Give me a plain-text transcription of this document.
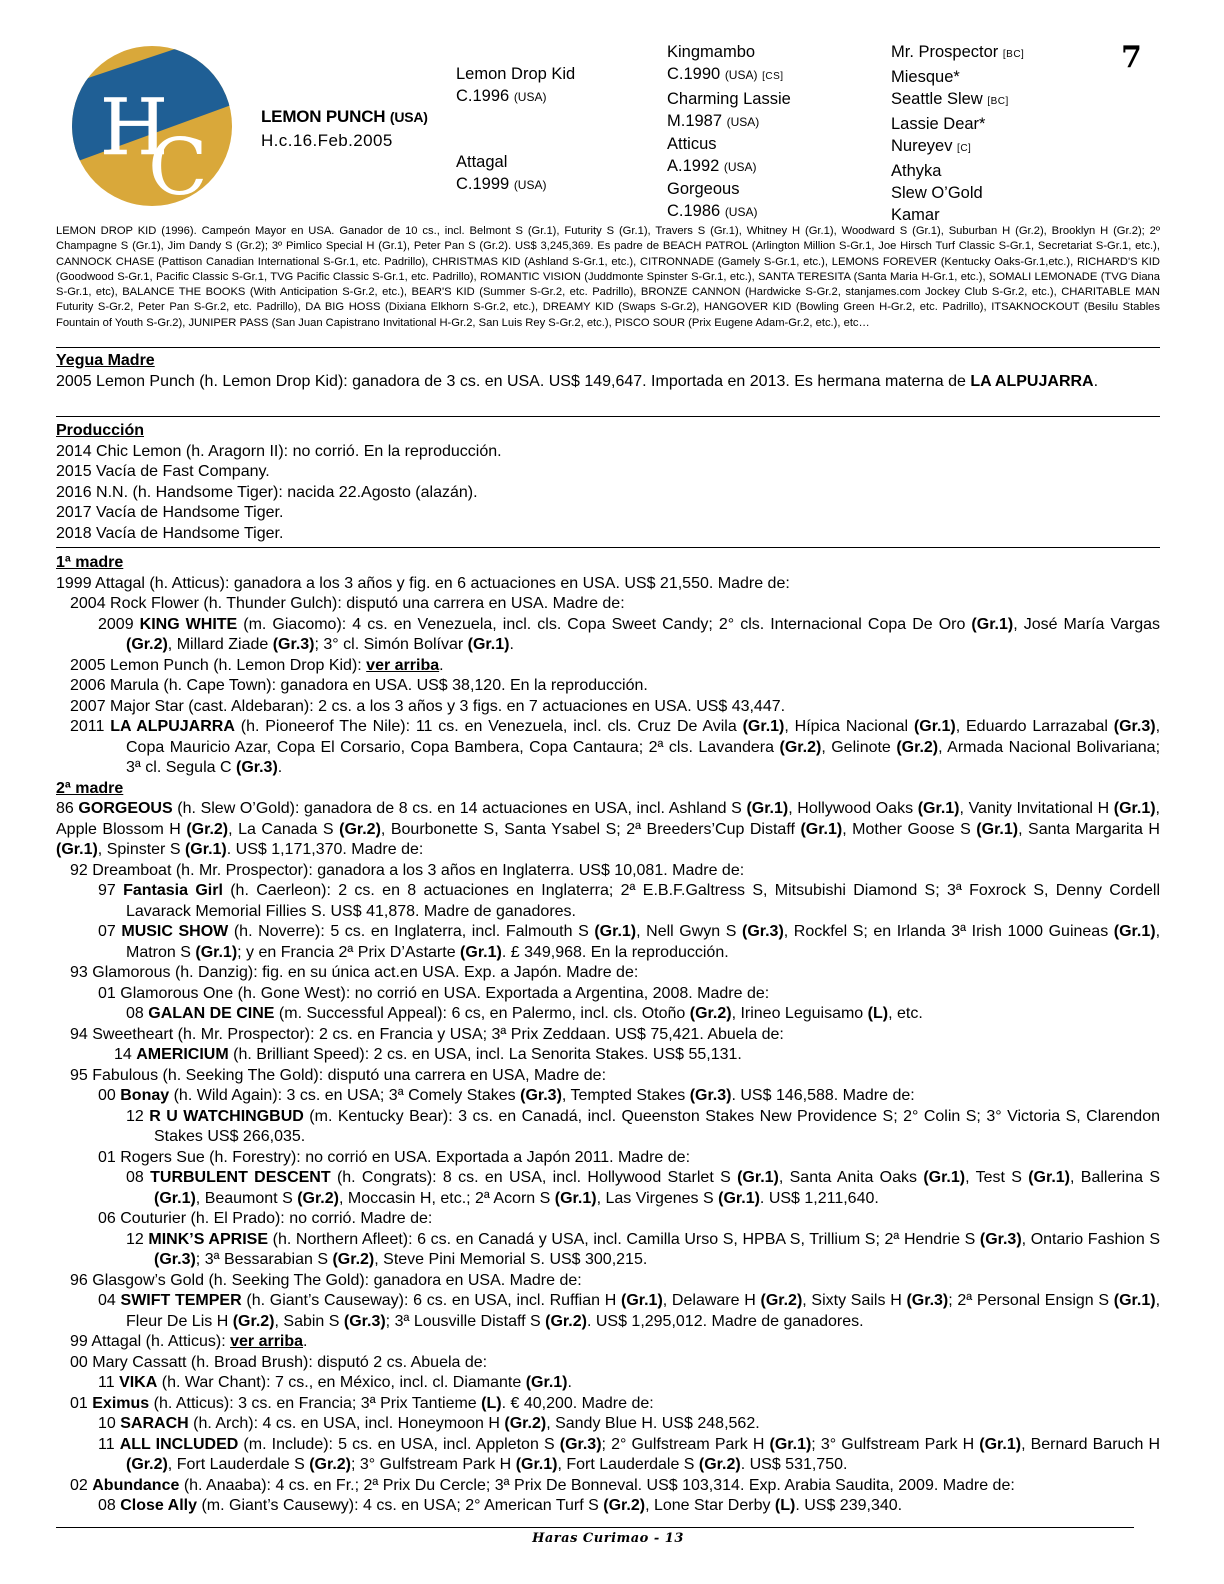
H
C
LEMON PUNCH (USA)
H.c.16.Feb.2005
7
Lemon Drop Kid
C.1996 (USA)
Attagal
C.1999 (USA)
Kingmambo
C.1990 (USA) [CS]
Charming Lassie
M.1987 (USA)
Atticus
A.1992 (USA)
Gorgeous
C.1986 (USA)
Mr. Prospector [BC]
Miesque*
Seattle Slew [BC]
Lassie Dear*
Nureyev [C]
Athyka
Slew O’Gold
Kamar

LEMON DROP KID (1996). Campeón Mayor en USA. Ganador de 10 cs., incl. Belmont S (Gr.1), Futurity S (Gr.1), Travers S (Gr.1), Whitney H (Gr.1), Woodward S (Gr.1), Suburban H (Gr.2), Brooklyn H (Gr.2); 2º Champagne S (Gr.1), Jim Dandy S (Gr.2); 3º Pimlico Special H (Gr.1), Peter Pan S (Gr.2). US$ 3,245,369. Es padre de BEACH PATROL (Arlington Million S-Gr.1, Joe Hirsch Turf Classic S-Gr.1, Secretariat S-Gr.1, etc.), CANNOCK CHASE (Pattison Canadian International S-Gr.1, etc. Padrillo), CHRISTMAS KID (Ashland S-Gr.1, etc.), CITRONNADE (Gamely S-Gr.1, etc.), LEMONS FOREVER (Kentucky Oaks-Gr.1,etc.), RICHARD'S KID (Goodwood S-Gr.1, Pacific Classic S-Gr.1, TVG Pacific Classic S-Gr.1, etc. Padrillo), ROMANTIC VISION (Juddmonte Spinster S-Gr.1, etc.), SANTA TERESITA (Santa Maria H-Gr.1, etc.), SOMALI LEMONADE (TVG Diana S-Gr.1, etc), BALANCE THE BOOKS (With Anticipation S-Gr.2, etc.), BEAR'S KID (Summer S-Gr.2, etc. Padrillo), BRONZE CANNON (Hardwicke S-Gr.2, stanjames.com Jockey Club S-Gr.2, etc.), CHARITABLE MAN Futurity S-Gr.2, Peter Pan S-Gr.2, etc. Padrillo), DA BIG HOSS (Dixiana Elkhorn S-Gr.2, etc.), DREAMY KID (Swaps S-Gr.2), HANGOVER KID (Bowling Green H-Gr.2, etc. Padrillo), ITSAKNOCKOUT (Besilu Stables Fountain of Youth S-Gr.2), JUNIPER PASS (San Juan Capistrano Invitational H-Gr.2, San Luis Rey S-Gr.2, etc.), PISCO SOUR (Prix Eugene Adam-Gr.2, etc.), etc…

Yegua Madre

2005 Lemon Punch (h. Lemon Drop Kid): ganadora de 3 cs. en USA. US$ 149,647. Importada en 2013. Es hermana materna de LA ALPUJARRA.

Producción

2014 Chic Lemon (h. Aragorn II): no corrió. En la reproducción.

2015 Vacía de Fast Company.

2016 N.N. (h. Handsome Tiger): nacida 22.Agosto (alazán).

2017 Vacía de Handsome Tiger.

2018 Vacía de Handsome Tiger.

1ª madre

1999 Attagal (h. Atticus): ganadora a los 3 años y fig. en 6 actuaciones en USA. US$ 21,550. Madre de:

2004 Rock Flower (h. Thunder Gulch): disputó una carrera en USA. Madre de:

2009 KING WHITE (m. Giacomo): 4 cs. en Venezuela, incl. cls. Copa Sweet Candy; 2° cls. Internacional Copa De Oro (Gr.1), José María Vargas (Gr.2), Millard Ziade (Gr.3); 3° cl. Simón Bolívar (Gr.1).

2005 Lemon Punch (h. Lemon Drop Kid): ver arriba.

2006 Marula (h. Cape Town): ganadora en USA. US$ 38,120. En la reproducción.

2007 Major Star (cast. Aldebaran): 2 cs. a los 3 años y 3 figs. en 7 actuaciones en USA. US$ 43,447.

2011 LA ALPUJARRA (h. Pioneerof The Nile): 11 cs. en Venezuela, incl. cls. Cruz De Avila (Gr.1), Hípica Nacional (Gr.1), Eduardo Larrazabal (Gr.3), Copa Mauricio Azar, Copa El Corsario, Copa Bambera, Copa Cantaura; 2ª cls. Lavandera (Gr.2), Gelinote (Gr.2), Armada Nacional Bolivariana; 3ª cl. Segula C (Gr.3).

2ª madre

86 GORGEOUS (h. Slew O’Gold): ganadora de 8 cs. en 14 actuaciones en USA, incl. Ashland S (Gr.1), Hollywood Oaks (Gr.1), Vanity Invitational H (Gr.1), Apple Blossom H (Gr.2), La Canada S (Gr.2), Bourbonette S, Santa Ysabel S; 2ª Breeders’Cup Distaff (Gr.1), Mother Goose S (Gr.1), Santa Margarita H (Gr.1), Spinster S (Gr.1). US$ 1,171,370. Madre de:

92 Dreamboat (h. Mr. Prospector): ganadora a los 3 años en Inglaterra. US$ 10,081. Madre de:

97 Fantasia Girl (h. Caerleon): 2 cs. en 8 actuaciones en Inglaterra; 2ª E.B.F.Galtress S, Mitsubishi Diamond S; 3ª Foxrock S, Denny Cordell Lavarack Memorial Fillies S. US$ 41,878. Madre de ganadores.

07 MUSIC SHOW (h. Noverre): 5 cs. en Inglaterra, incl. Falmouth S (Gr.1), Nell Gwyn S (Gr.3), Rockfel S; en Irlanda 3ª Irish 1000 Guineas (Gr.1), Matron S (Gr.1); y en Francia 2ª Prix D’Astarte (Gr.1). £ 349,968. En la reproducción.

93 Glamorous (h. Danzig): fig. en su única act.en USA. Exp. a Japón. Madre de:

01 Glamorous One (h. Gone West): no corrió en USA. Exportada a Argentina, 2008. Madre de:

08 GALAN DE CINE (m. Successful Appeal): 6 cs, en Palermo, incl. cls. Otoño (Gr.2), Irineo Leguisamo (L), etc.

94 Sweetheart (h. Mr. Prospector): 2 cs. en Francia y USA; 3ª Prix Zeddaan. US$ 75,421. Abuela de:

14 AMERICIUM (h. Brilliant Speed): 2 cs. en USA, incl. La Senorita Stakes. US$ 55,131.

95 Fabulous (h. Seeking The Gold): disputó una carrera en USA, Madre de:

00 Bonay (h. Wild Again): 3 cs. en USA; 3ª Comely Stakes (Gr.3), Tempted Stakes (Gr.3). US$ 146,588. Madre de:

12 R U WATCHINGBUD (m. Kentucky Bear): 3 cs. en Canadá, incl. Queenston Stakes New Providence S; 2° Colin S; 3° Victoria S, Clarendon Stakes US$ 266,035.

01 Rogers Sue (h. Forestry): no corrió en USA. Exportada a Japón 2011. Madre de:

08 TURBULENT DESCENT (h. Congrats): 8 cs. en USA, incl. Hollywood Starlet S (Gr.1), Santa Anita Oaks (Gr.1), Test S (Gr.1), Ballerina S (Gr.1), Beaumont S (Gr.2), Moccasin H, etc.; 2ª Acorn S (Gr.1), Las Virgenes S (Gr.1). US$ 1,211,640.

06 Couturier (h. El Prado): no corrió. Madre de:

12 MINK’S APRISE (h. Northern Afleet): 6 cs. en Canadá y USA, incl. Camilla Urso S, HPBA S, Trillium S; 2ª Hendrie S (Gr.3), Ontario Fashion S (Gr.3); 3ª Bessarabian S (Gr.2), Steve Pini Memorial S. US$ 300,215.

96 Glasgow’s Gold (h. Seeking The Gold): ganadora en USA. Madre de:

04 SWIFT TEMPER (h. Giant’s Causeway): 6 cs. en USA, incl. Ruffian H (Gr.1), Delaware H (Gr.2), Sixty Sails H (Gr.3); 2ª Personal Ensign S (Gr.1), Fleur De Lis H (Gr.2), Sabin S (Gr.3); 3ª Lousville Distaff S (Gr.2). US$ 1,295,012. Madre de ganadores.

99 Attagal (h. Atticus): ver arriba.

00 Mary Cassatt (h. Broad Brush): disputó 2 cs. Abuela de:

11 VIKA (h. War Chant): 7 cs., en México, incl. cl. Diamante (Gr.1).

01 Eximus (h. Atticus): 3 cs. en Francia; 3ª Prix Tantieme (L). € 40,200. Madre de:

10 SARACH (h. Arch): 4 cs. en USA, incl. Honeymoon H (Gr.2), Sandy Blue H. US$ 248,562.

11 ALL INCLUDED (m. Include): 5 cs. en USA, incl. Appleton S (Gr.3); 2° Gulfstream Park H (Gr.1); 3° Gulfstream Park H (Gr.1), Bernard Baruch H (Gr.2), Fort Lauderdale S (Gr.2); 3° Gulfstream Park H (Gr.1), Fort Lauderdale S (Gr.2). US$ 531,750.

02 Abundance (h. Anaaba): 4 cs. en Fr.; 2ª Prix Du Cercle; 3ª Prix De Bonneval. US$ 103,314. Exp. Arabia Saudita, 2009. Madre de:

08 Close Ally (m. Giant’s Causewy): 4 cs. en USA; 2° American Turf S (Gr.2), Lone Star Derby (L). US$ 239,340.

Haras Curimao - 13
